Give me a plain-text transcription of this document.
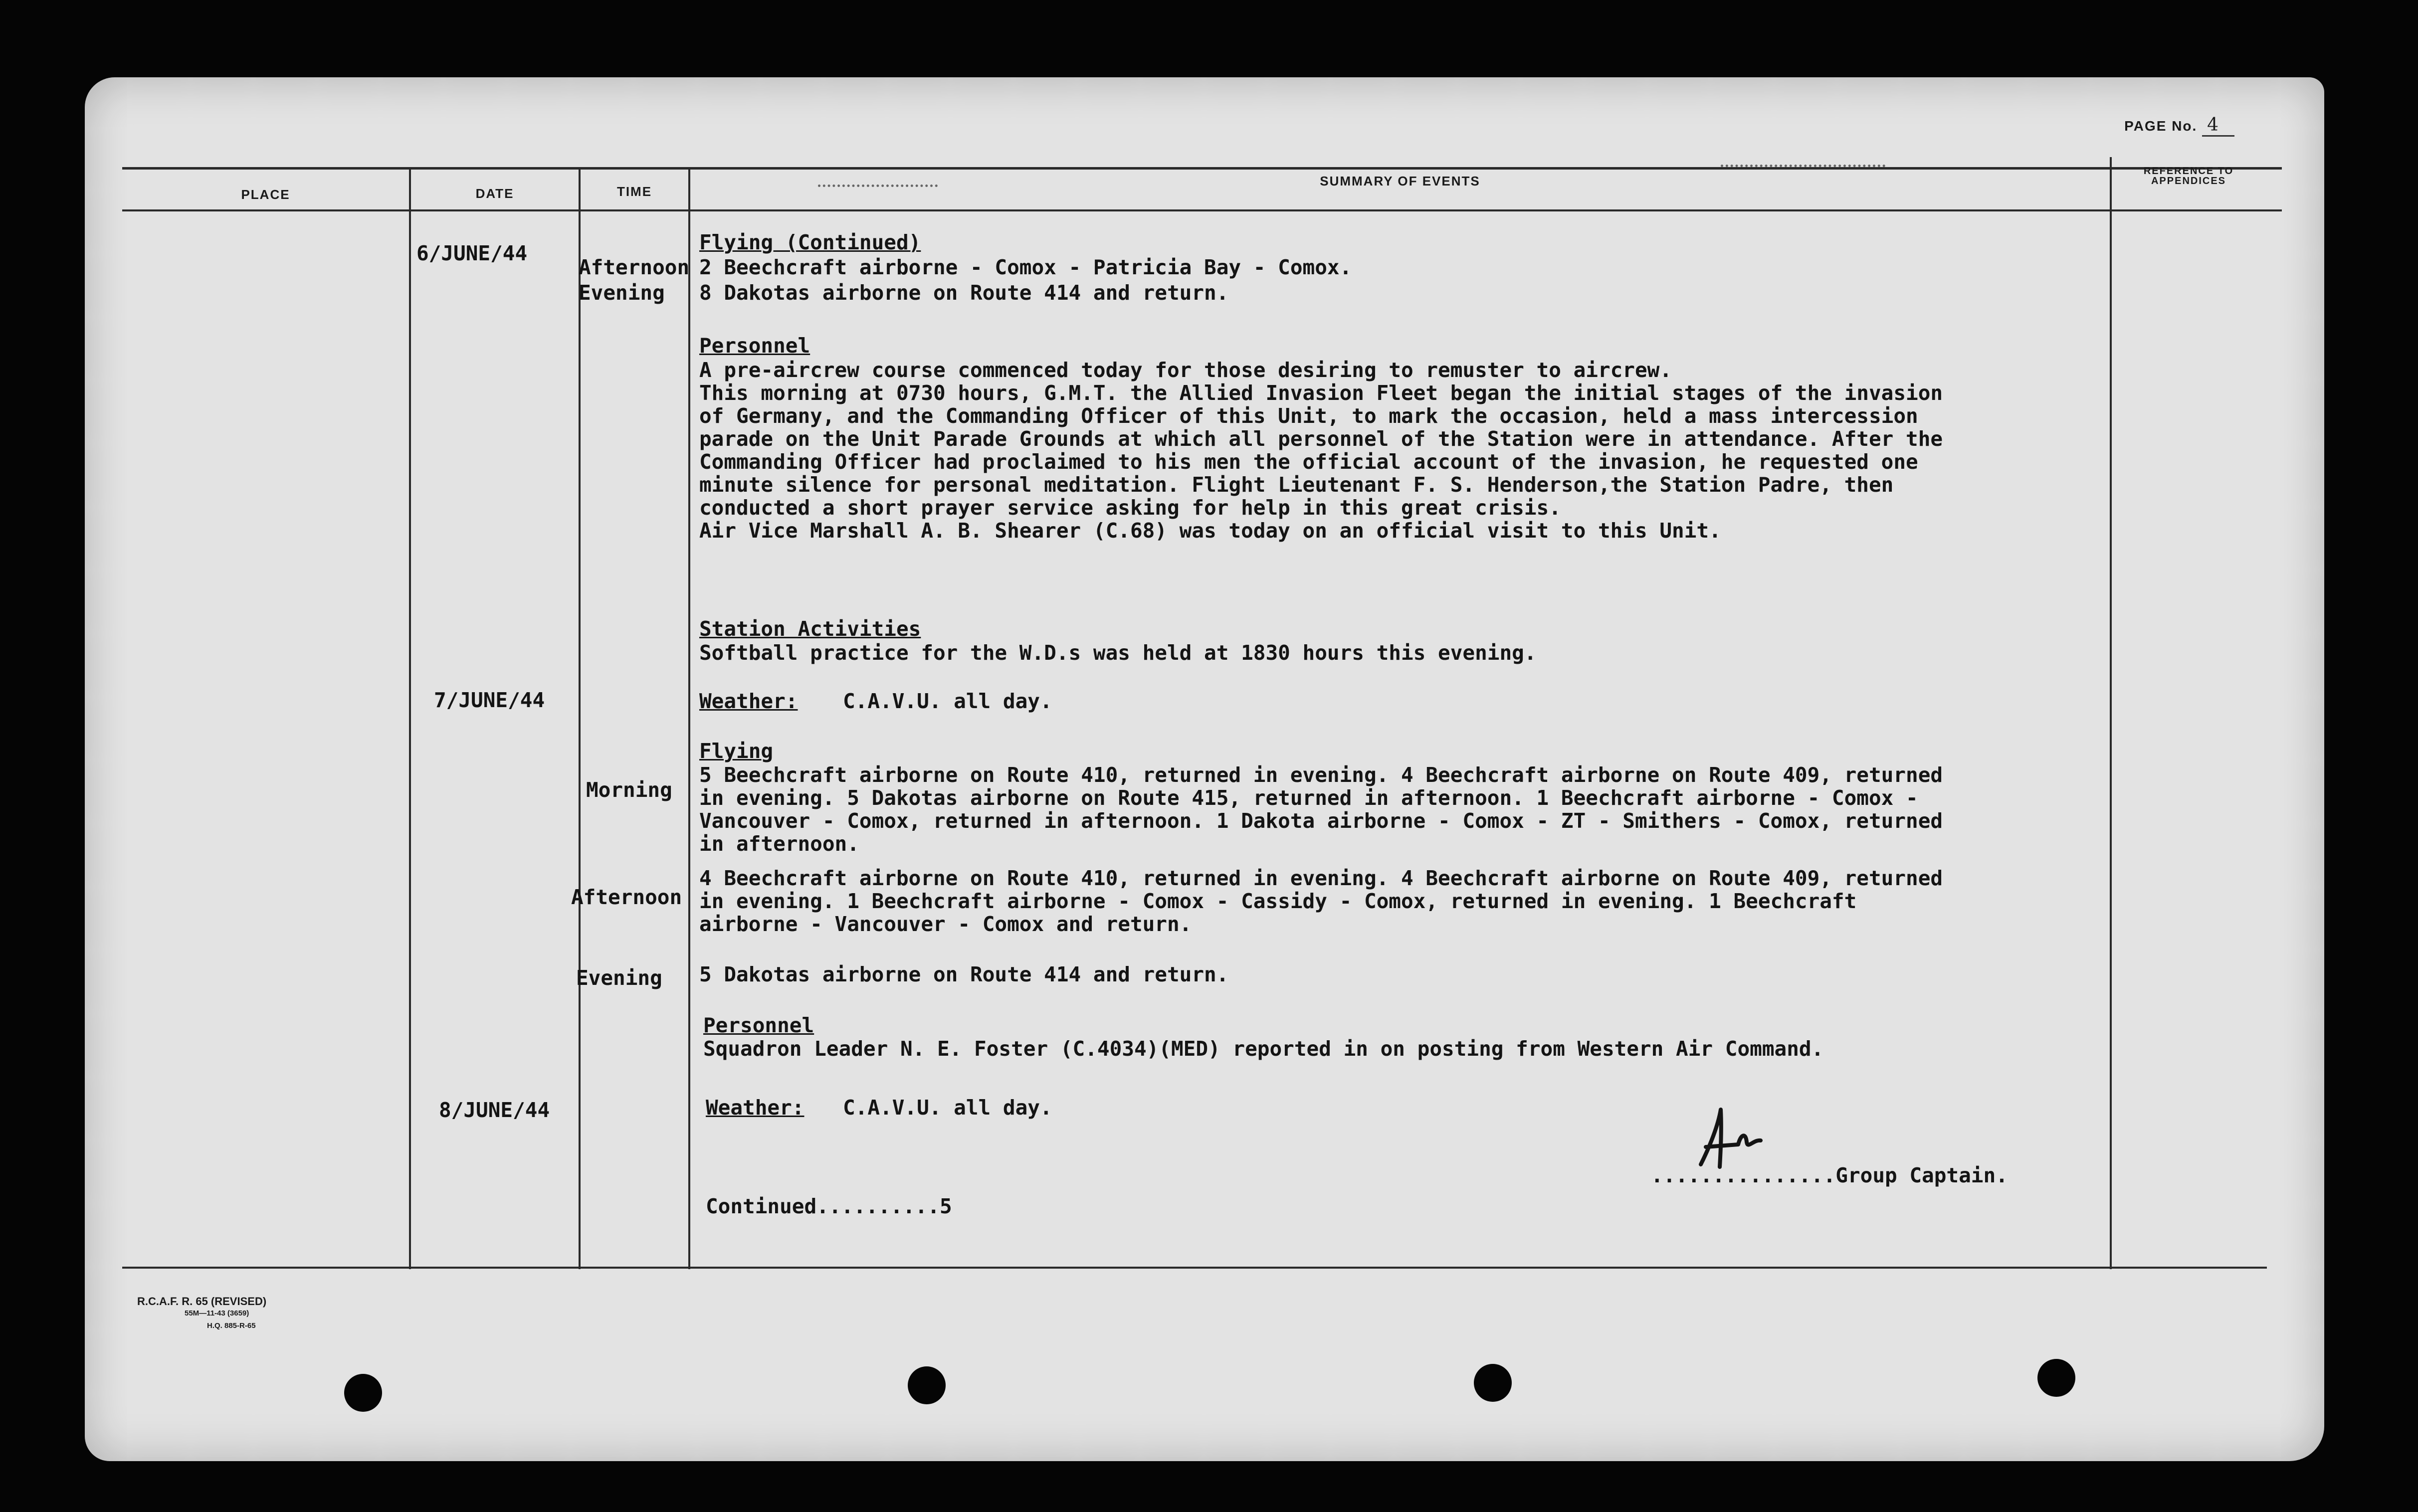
PAGE No. 4
PLACE	DATE	TIME
SUMMARY OF EVENTS
REFERENCE TO APPENDICES
6/JUNE/44
7/JUNE/44
8/JUNE/44
Afternoon
Evening
Morning
Afternoon
Evening
Flying (Continued)
2 Beechcraft airborne - Comox - Patricia Bay - Comox.
8 Dakotas airborne on Route 414 and return.
Personnel
A pre-aircrew course commenced today for those desiring to remuster to aircrew.
This morning at 0730 hours, G.M.T. the Allied Invasion Fleet began the initial stages of the invasion
of Germany, and the Commanding Officer of this Unit, to mark the occasion, held a mass intercession
parade on the Unit Parade Grounds at which all personnel of the Station were in attendance. After the
Commanding Officer had proclaimed to his men the official account of the invasion, he requested one
minute silence for personal meditation. Flight Lieutenant F. S. Henderson,the Station Padre, then
conducted a short prayer service asking for help in this great crisis.
Air Vice Marshall A. B. Shearer (C.68) was today on an official visit to this Unit.
Station Activities
Softball practice for the W.D.s was held at 1830 hours this evening.
Weather: C.A.V.U. all day.
Flying
5 Beechcraft airborne on Route 410, returned in evening. 4 Beechcraft airborne on Route 409, returned
in evening. 5 Dakotas airborne on Route 415, returned in afternoon. 1 Beechcraft airborne - Comox -
Vancouver - Comox, returned in afternoon. 1 Dakota airborne - Comox - ZT - Smithers - Comox, returned
in afternoon.
4 Beechcraft airborne on Route 410, returned in evening. 4 Beechcraft airborne on Route 409, returned
in evening. 1 Beechcraft airborne - Comox - Cassidy - Comox, returned in evening. 1 Beechcraft
airborne - Vancouver - Comox and return.
5 Dakotas airborne on Route 414 and return.
Personnel
Squadron Leader N. E. Foster (C.4034)(MED) reported in on posting from Western Air Command.
Weather: C.A.V.U. all day.
Continued..........5
...............Group Captain.
R.C.A.F. R. 65 (REVISED)
55M—11-43 (3659)
H.Q. 885-R-65
